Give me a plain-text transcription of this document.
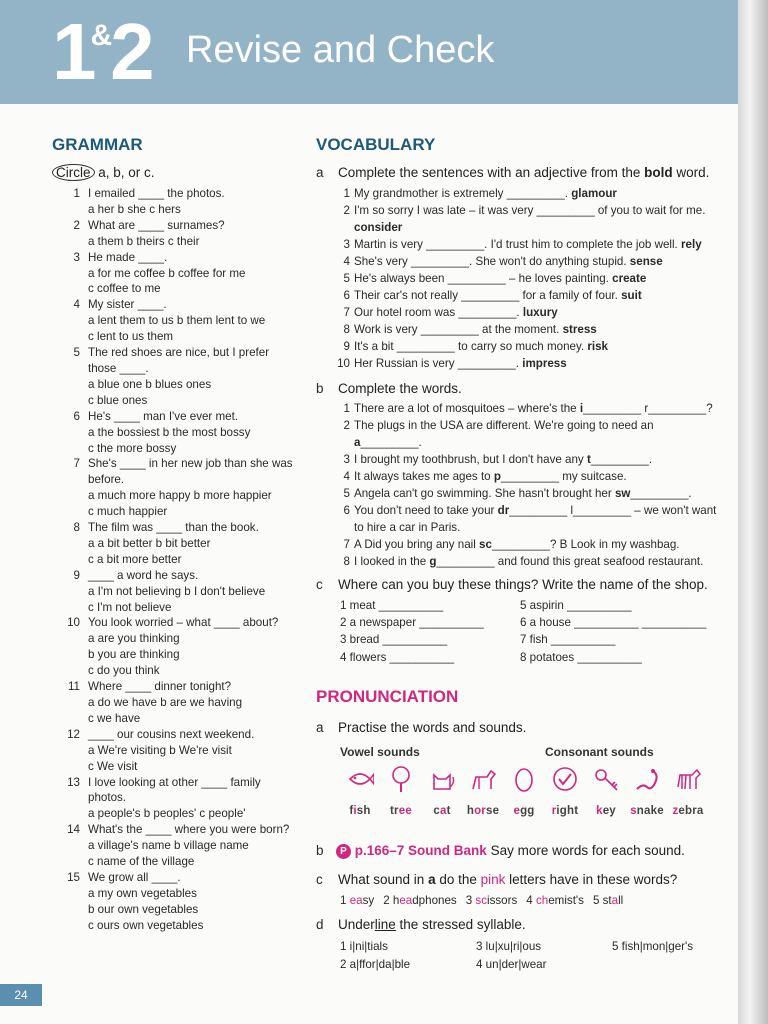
1&2 Revise and Check
GRAMMAR
Circle a, b, or c.
1 I emailed ____ the photos.
a her b she c hers
2 What are ____ surnames?
a them b theirs c their
3 He made ____.
a for me coffee b coffee for me
c coffee to me
4 My sister ____.
a lent them to us b them lent to we
c lent to us them
5 The red shoes are nice, but I prefer those ____.
a blue one b blues ones
c blue ones
6 He's ____ man I've ever met.
a the bossiest b the most bossy
c the more bossy
7 She's ____ in her new job than she was before.
a much more happy b more happier
c much happier
8 The film was ____ than the book.
a a bit better b bit better
c a bit more better
9 ____ a word he says.
a I'm not believing b I don't believe
c I'm not believe
10 You look worried – what ____ about?
a are you thinking
b you are thinking
c do you think
11 Where ____ dinner tonight?
a do we have b are we having
c we have
12 ____ our cousins next weekend.
a We're visiting b We're visit
c We visit
13 I love looking at other ____ family photos.
a people's b peoples' c people'
14 What's the ____ where you were born?
a village's name b village name
c name of the village
15 We grow all ____.
a my own vegetables
b our own vegetables
c ours own vegetables
VOCABULARY
a Complete the sentences with an adjective from the bold word.
1 My grandmother is extremely _________. glamour
2 I'm so sorry I was late – it was very _________ of you to wait for me. consider
3 Martin is very _________. I'd trust him to complete the job well. rely
4 She's very _________. She won't do anything stupid. sense
5 He's always been _________ – he loves painting. create
6 Their car's not really _________ for a family of four. suit
7 Our hotel room was _________. luxury
8 Work is very _________ at the moment. stress
9 It's a bit _________ to carry so much money. risk
10 Her Russian is very _________. impress
b Complete the words.
1 There are a lot of mosquitoes – where's the i_________ r_________?
2 The plugs in the USA are different. We're going to need an a_________.
3 I brought my toothbrush, but I don't have any t_________.
4 It always takes me ages to p_________ my suitcase.
5 Angela can't go swimming. She hasn't brought her sw_________.
6 You don't need to take your dr_________ l_________ – we won't want to hire a car in Paris.
7 A Did you bring any nail sc_________? B Look in my washbag.
8 I looked in the g_________ and found this great seafood restaurant.
c Where can you buy these things? Write the name of the shop.
1 meat __________
2 a newspaper __________
3 bread __________
4 flowers __________
5 aspirin __________
6 a house __________ __________
7 fish __________
8 potatoes __________
PRONUNCIATION
a Practise the words and sounds.
Vowel sounds	Consonant sounds
fish	tree	cat	horse	egg	right	key	snake zebra
b	P p.166–7 Sound Bank Say more words for each sound.
c What sound in a do the pink letters have in these words?
1 easy 2 headphones 3 scissors 4 chemist's 5 stall
d Underline the stressed syllable.
1 i|ni|tials
2 a|ffor|da|ble
3 lu|xu|ri|ous
4 un|der|wear
5 fish|mon|ger's
24
